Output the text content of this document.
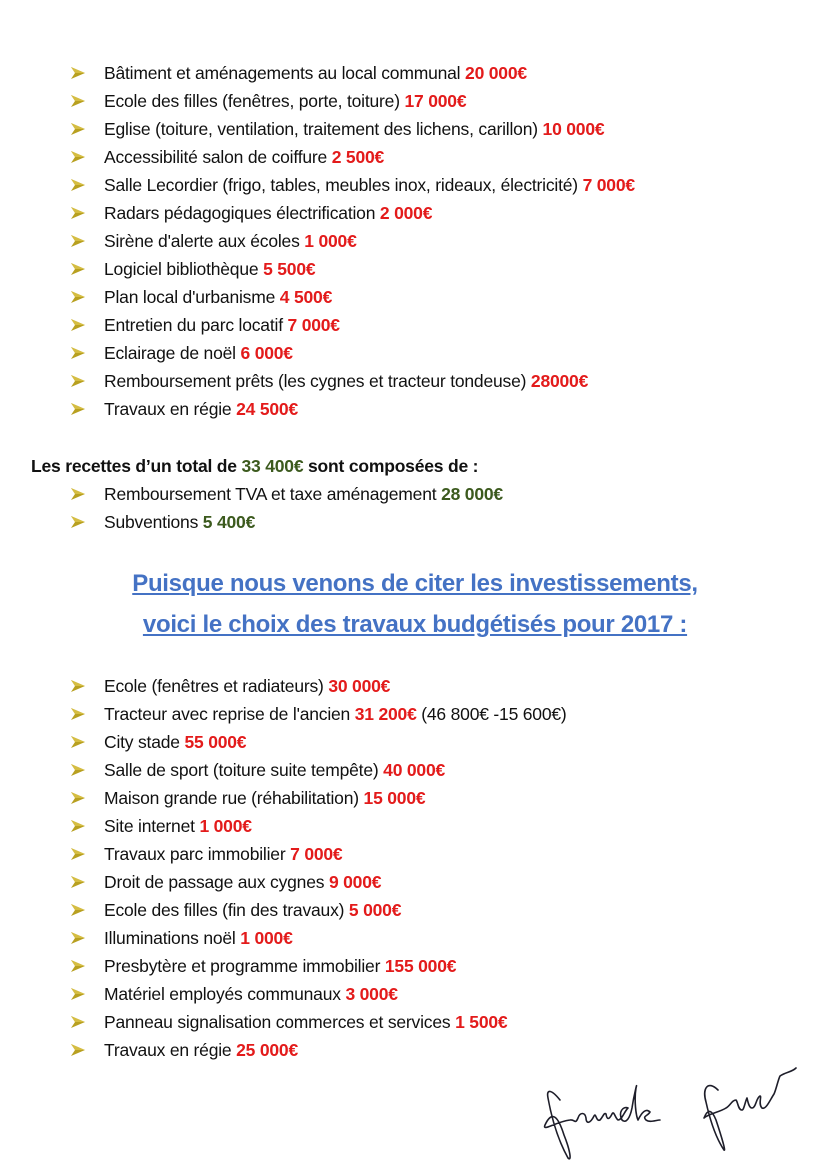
Bâtiment et aménagements au local communal 20 000€
Ecole des filles (fenêtres, porte, toiture) 17 000€
Eglise (toiture, ventilation, traitement des lichens, carillon) 10 000€
Accessibilité salon de coiffure 2 500€
Salle Lecordier (frigo, tables, meubles inox, rideaux, électricité) 7 000€
Radars pédagogiques électrification 2 000€
Sirène d'alerte aux écoles 1 000€
Logiciel bibliothèque 5 500€
Plan local d'urbanisme 4 500€
Entretien du parc locatif 7 000€
Eclairage de noël 6 000€
Remboursement prêts (les cygnes et tracteur tondeuse) 28000€
Travaux en régie 24 500€
Les recettes d’un total de 33 400€ sont composées de :
Remboursement TVA et taxe aménagement 28 000€
Subventions 5 400€
Puisque nous venons de citer les investissements,
voici le choix des travaux budgétisés pour 2017 :
Ecole (fenêtres et radiateurs) 30 000€
Tracteur avec reprise de l'ancien 31 200€ (46 800€ -15 600€)
City stade 55 000€
Salle de sport (toiture suite tempête) 40 000€
Maison grande rue (réhabilitation) 15 000€
Site internet 1 000€
Travaux parc immobilier 7 000€
Droit de passage aux cygnes 9 000€
Ecole des filles (fin des travaux) 5 000€
Illuminations noël 1 000€
Presbytère et programme immobilier 155 000€
Matériel employés communaux 3 000€
Panneau signalisation commerces et services 1 500€
Travaux en régie 25 000€
